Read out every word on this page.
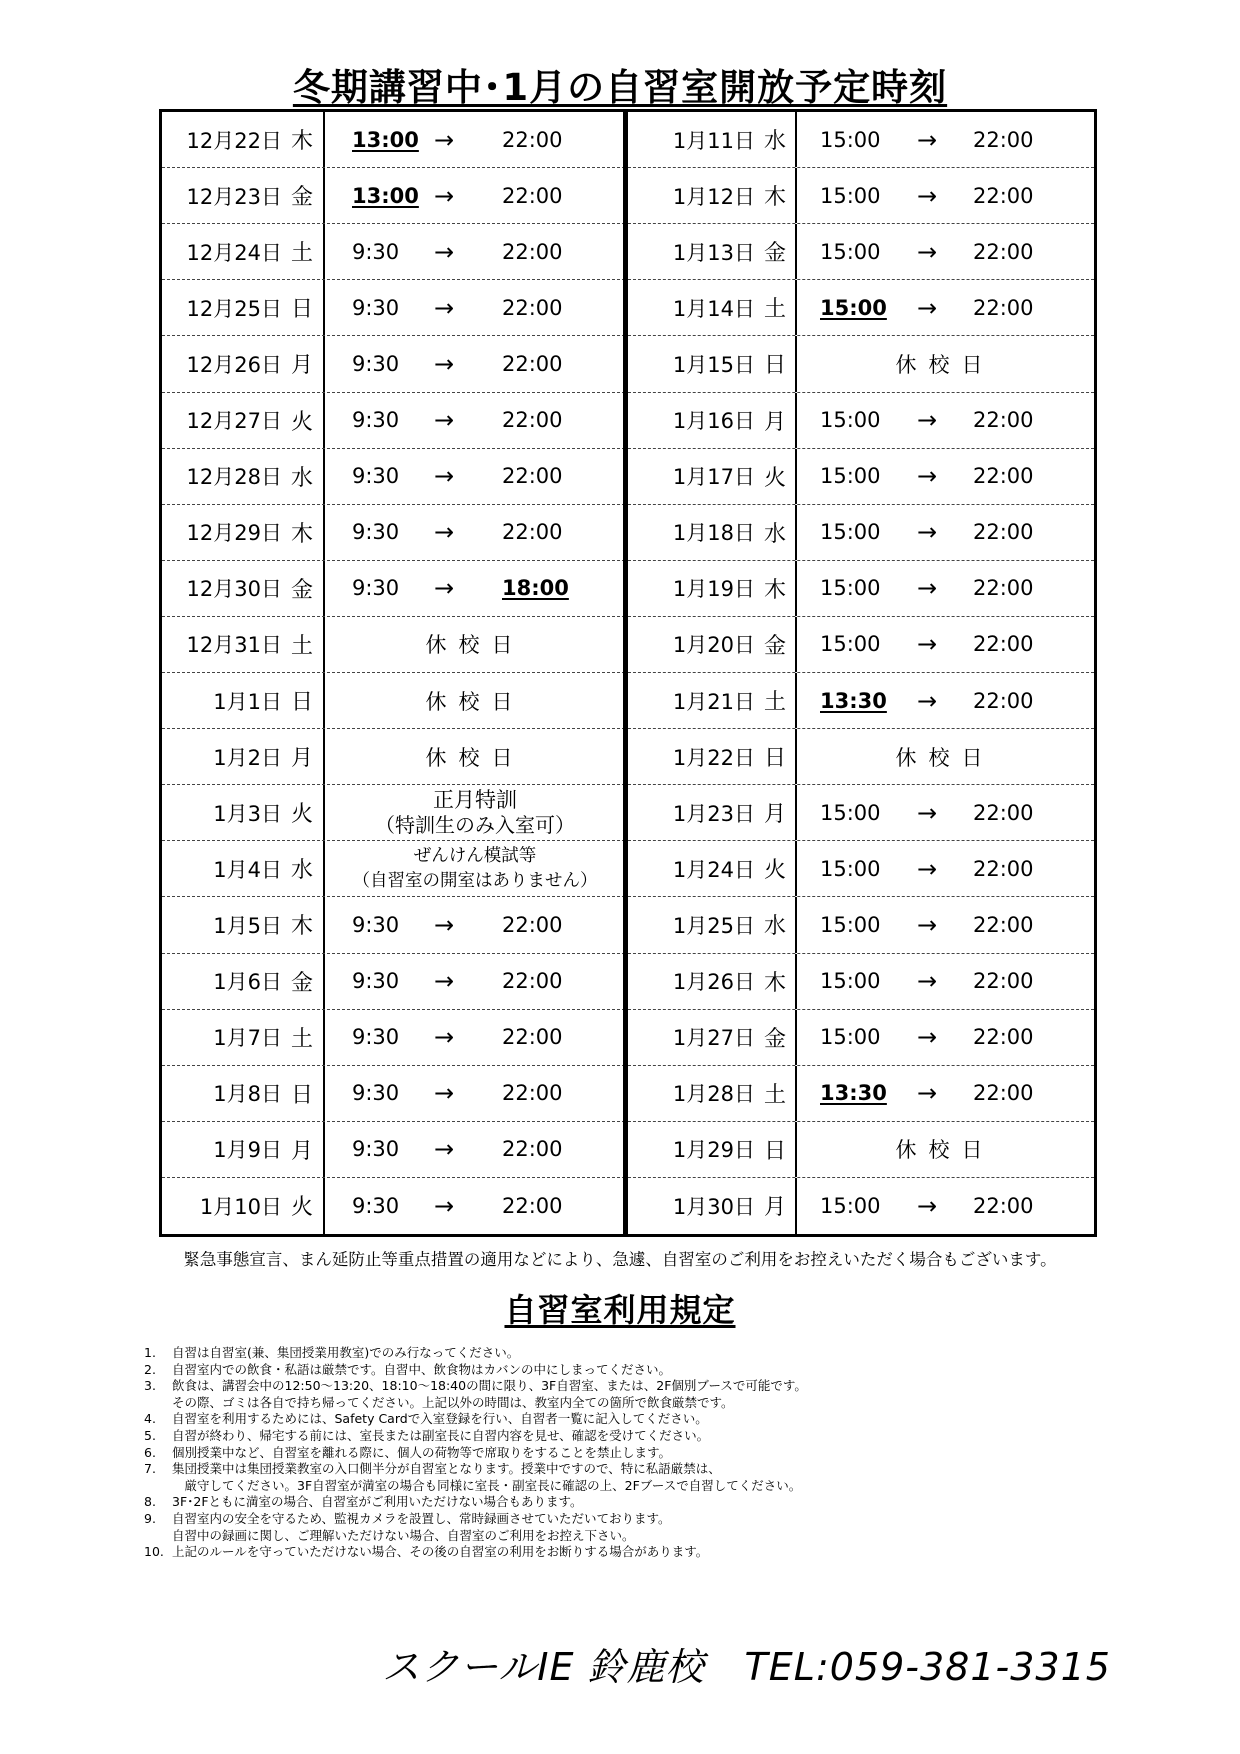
冬期講習中･1月の自習室開放予定時刻
12月22日 木 13:00 → 22:00
12月23日 金 13:00 → 22:00
12月24日 土 9:30 → 22:00
12月25日 日 9:30 → 22:00
12月26日 月 9:30 → 22:00
12月27日 火 9:30 → 22:00
12月28日 水 9:30 → 22:00
12月29日 木 9:30 → 22:00
12月30日 金 9:30 → 18:00
12月31日 土	休校日
1月1日 日	休校日
1月2日 月	休校日
1月3日 火
正月特訓
（特訓生のみ入室可）
1月4日 水
ぜんけん模試等
（自習室の開室はありません）
1月5日 木 9:30 → 22:00
1月6日 金 9:30 → 22:00
1月7日 土 9:30 → 22:00
1月8日 日 9:30 → 22:00
1月9日 月 9:30 → 22:00
1月10日 火 9:30 → 22:00
1月11日 水 15:00 → 22:00
1月12日 木 15:00 → 22:00
1月13日 金 15:00 → 22:00
1月14日 土 15:00 → 22:00
1月15日 日	休校日
1月16日 月 15:00 → 22:00
1月17日 火 15:00 → 22:00
1月18日 水 15:00 → 22:00
1月19日 木 15:00 → 22:00
1月20日 金 15:00 → 22:00
1月21日 土 13:30 → 22:00
1月22日 日	休校日
1月23日 月 15:00 → 22:00
1月24日 火 15:00 → 22:00
1月25日 水 15:00 → 22:00
1月26日 木 15:00 → 22:00
1月27日 金 15:00 → 22:00
1月28日 土 13:30 → 22:00
1月29日 日	休校日
1月30日 月 15:00 → 22:00
緊急事態宣言、まん延防止等重点措置の適用などにより、急遽、自習室のご利用をお控えいただく場合もございます。
自習室利用規定
1. 自習は自習室(兼、集団授業用教室)でのみ行なってください。
2. 自習室内での飲食・私語は厳禁です。自習中、飲食物はカバンの中にしまってください。
3. 飲食は、講習会中の12:50～13:20、18:10～18:40の間に限り、3F自習室、または、2F個別ブースで可能です。
その際、ゴミは各自で持ち帰ってください。上記以外の時間は、教室内全ての箇所で飲食厳禁です。
4. 自習室を利用するためには、Safety Cardで入室登録を行い、自習者一覧に記入してください。
5. 自習が終わり、帰宅する前には、室長または副室長に自習内容を見せ、確認を受けてください。
6. 個別授業中など、自習室を離れる際に、個人の荷物等で席取りをすることを禁止します。
7. 集団授業中は集団授業教室の入口側半分が自習室となります。授業中ですので、特に私語厳禁は、
　厳守してください。3F自習室が満室の場合も同様に室長・副室長に確認の上、2Fブースで自習してください。
8. 3F･2Fともに満室の場合、自習室がご利用いただけない場合もあります。
9. 自習室内の安全を守るため、監視カメラを設置し、常時録画させていただいております。
自習中の録画に関し、ご理解いただけない場合、自習室のご利用をお控え下さい。
10. 上記のルールを守っていただけない場合、その後の自習室の利用をお断りする場合があります。
スクールIE 鈴鹿校 TEL:059-381-3315
